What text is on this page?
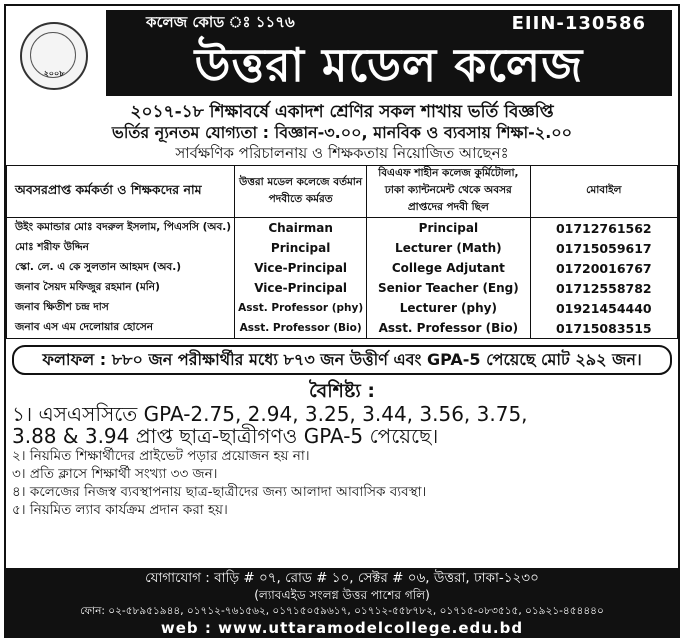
২০০৮
কলেজ কোড ঃ ১১৭৬	EIIN-130586
উত্তরা মডেল কলেজ
২০১৭-১৮ শিক্ষাবর্ষে একাদশ শ্রেণির সকল শাখায় ভর্তি বিজ্ঞপ্তি
ভর্তির ন্যূনতম যোগ্যতা : বিজ্ঞান-৩.০০, মানবিক ও ব্যবসায় শিক্ষা-২.০০
সার্বক্ষণিক পরিচালনায় ও শিক্ষকতায় নিয়োজিত আছেনঃ
অবসরপ্রাপ্ত কর্মকর্তা ও শিক্ষকদের নাম	উত্তরা মডেল কলেজে বর্তমান পদবীতে কর্মরত	বিএএফ শাহীন কলেজ কুর্মিটোলা, ঢাকা ক্যান্টনমেন্ট থেকে অবসর প্রাপ্তদের পদবী ছিল	মোবাইল
উইং কমান্ডার মোঃ বদরুল ইসলাম, পিএসসি (অব.)	Chairman	Principal	01712761562
মোঃ শরীফ উদ্দিন	Principal	Lecturer (Math)	01715059617
স্কো. লে. এ কে সুলতান আহমদ (অব.)	Vice-Principal	College Adjutant	01720016767
জনাব সৈয়দ মফিজুর রহমান (মনি)	Vice-Principal	Senior Teacher (Eng)	01712558782
জনাব ক্ষিতীশ চন্দ্র দাস	Asst. Professor (phy)	Lecturer (phy)	01921454440
জনাব এস এম দেলোয়ার হোসেন	Asst. Professor (Bio)	Asst. Professor (Bio)	01715083515
ফলাফল : ৮৮০ জন পরীক্ষার্থীর মধ্যে ৮৭৩ জন উত্তীর্ণ এবং GPA-5 পেয়েছে মোট ২৯২ জন।
বৈশিষ্ট্য :
১। এসএসসিতে GPA-2.75, 2.94, 3.25, 3.44, 3.56, 3.75,
3.88 & 3.94 প্রাপ্ত ছাত্র-ছাত্রীগণও GPA-5 পেয়েছে।
২। নিয়মিত শিক্ষার্থীদের প্রাইভেট পড়ার প্রয়োজন হয় না।
৩। প্রতি ক্লাসে শিক্ষার্থী সংখ্যা ৩৩ জন।
৪। কলেজের নিজস্ব ব্যবস্থাপনায় ছাত্র-ছাত্রীদের জন্য আলাদা আবাসিক ব্যবস্থা।
৫। নিয়মিত ল্যাব কার্যক্রম প্রদান করা হয়।
যোগাযোগ : বাড়ি # ০৭, রোড # ১০, সেক্টর # ০৬, উত্তরা, ঢাকা-১২৩০
(ল্যাবএইড সংলগ্ন উত্তর পাশের গলি)
ফোন: ০২-৫৮৯৫১৯৪৪, ০১৭১২-৭৬১৫৬২, ০১৭১৫০৫৯৬১৭, ০১৭১২-৫৫৮৭৮২, ০১৭১৫-০৮৩৫১৫, ০১৯২১-৪৫৪৪৪০
web : www.uttaramodelcollege.edu.bd
